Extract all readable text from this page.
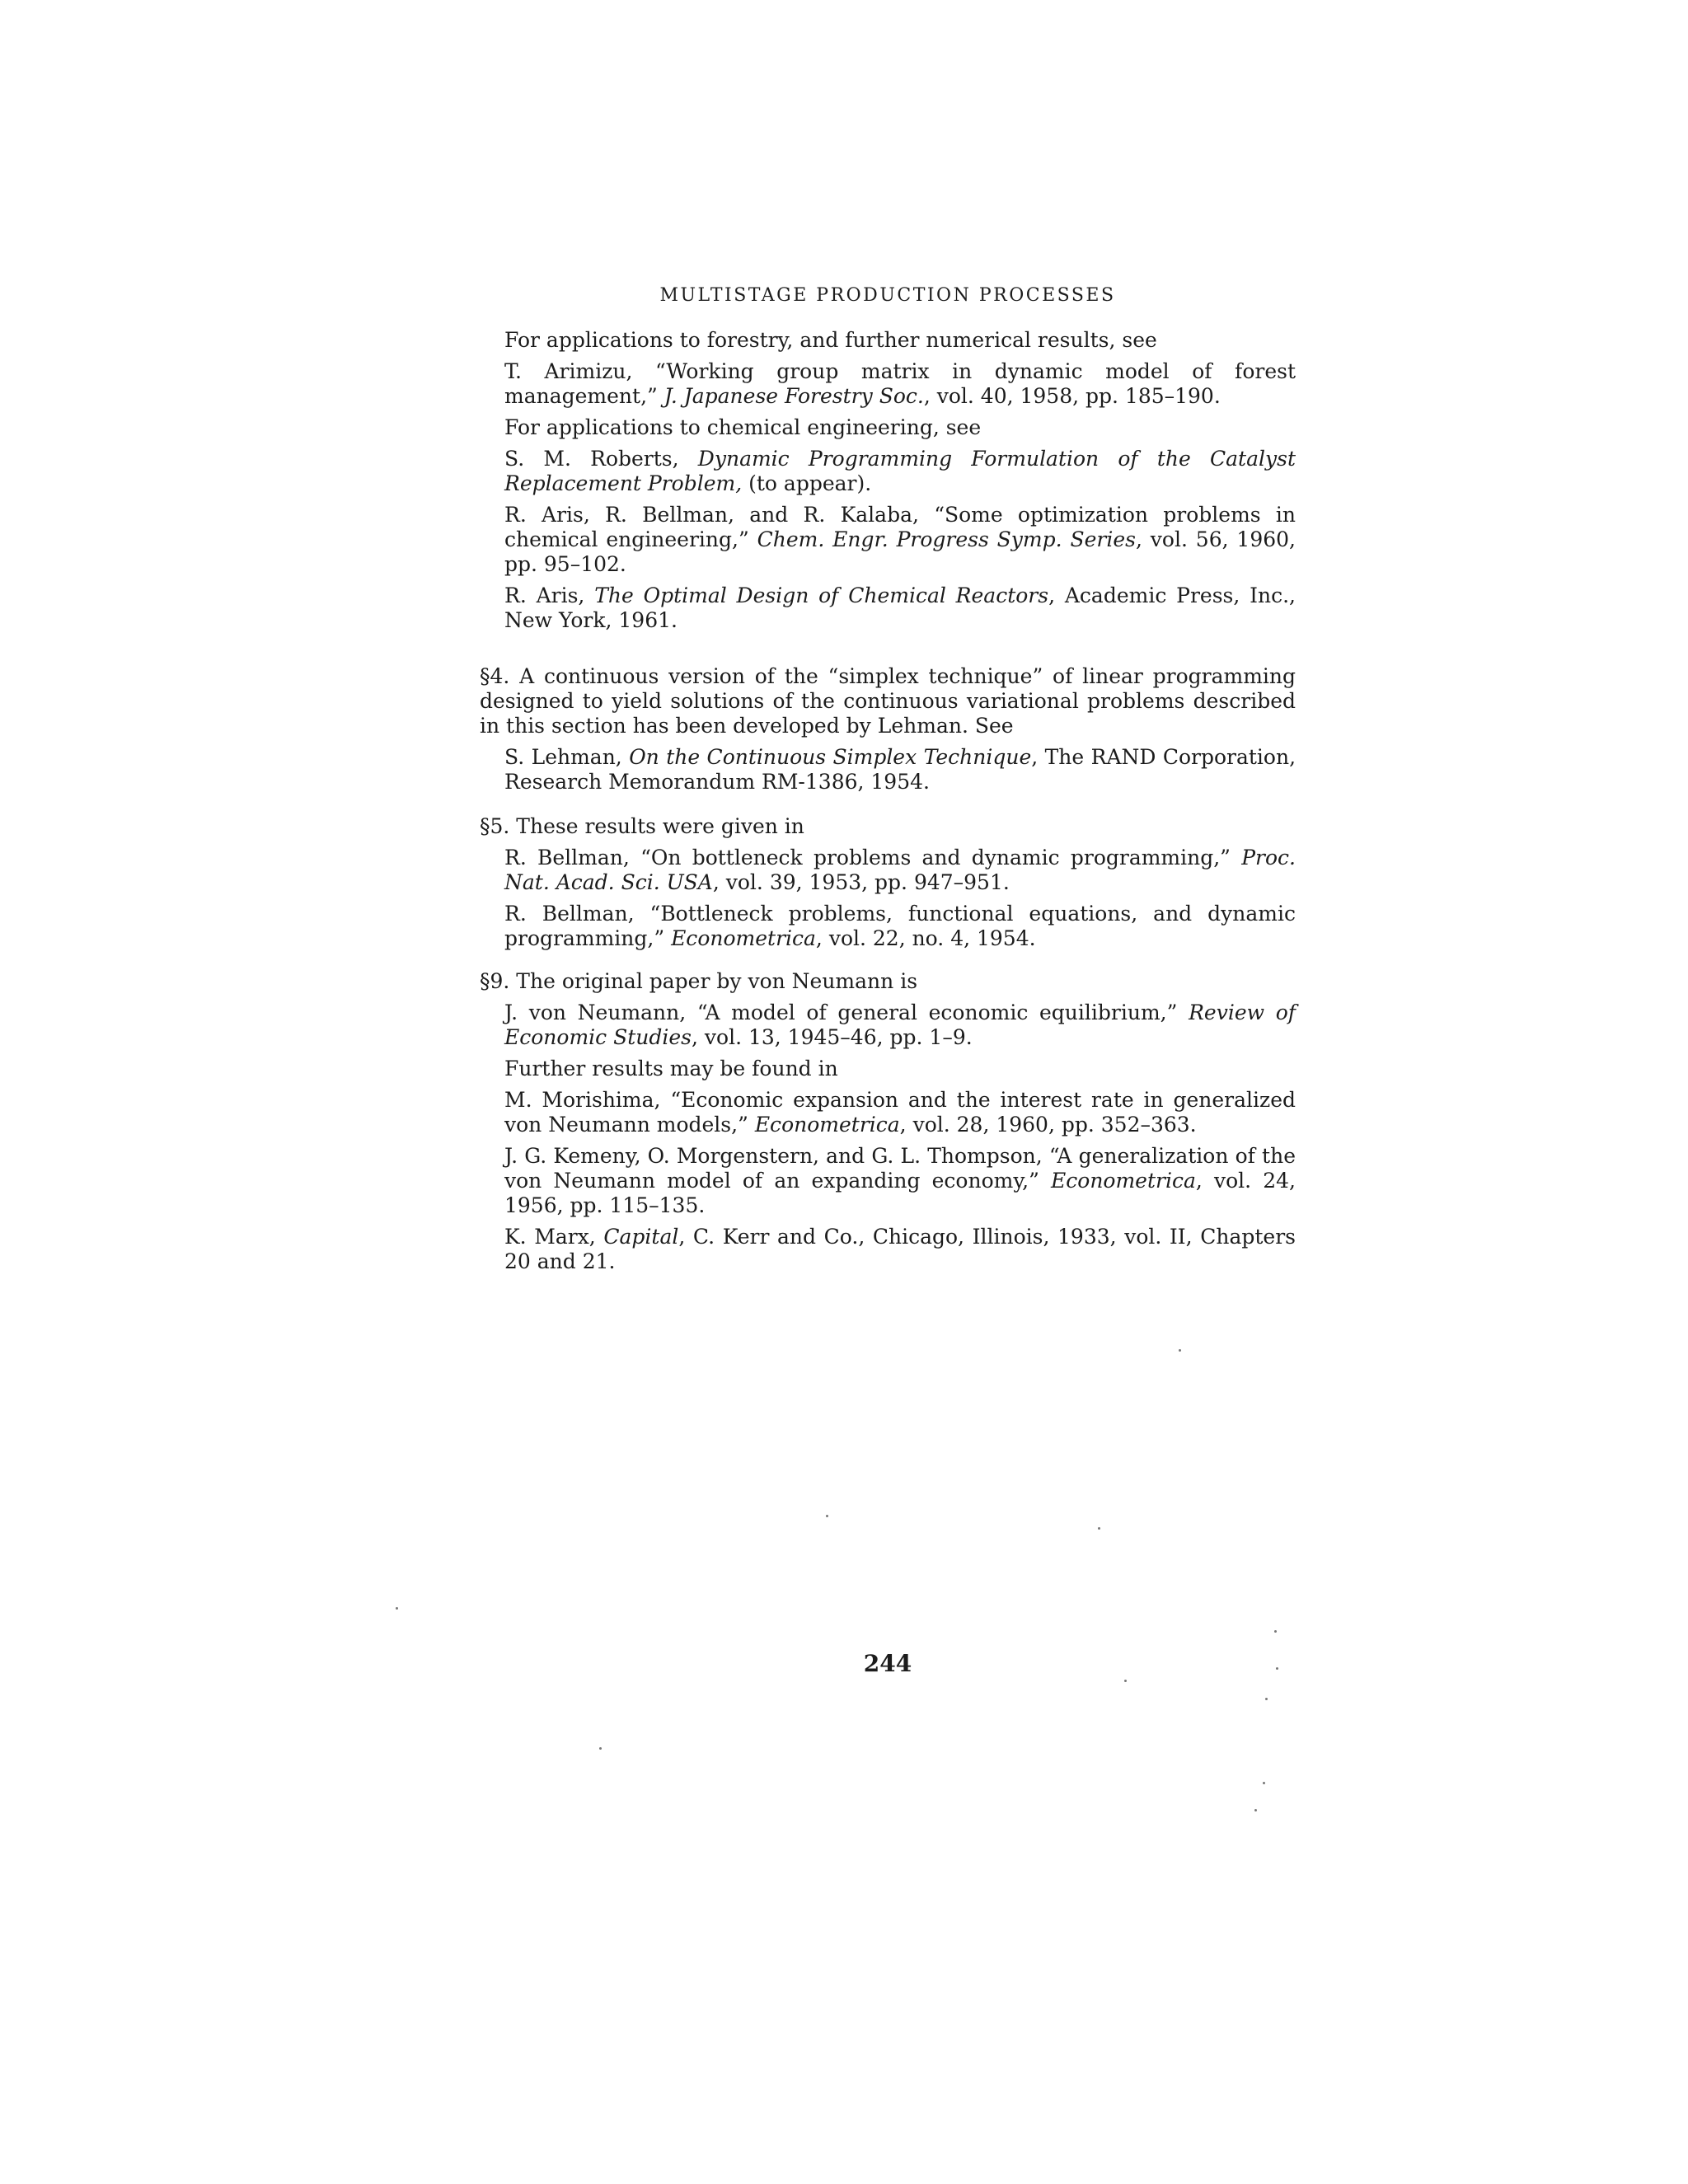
MULTISTAGE PRODUCTION PROCESSES

For applications to forestry, and further numerical results, see

T. Arimizu, “Working group matrix in dynamic model of forest management,” J. Japanese Forestry Soc., vol. 40, 1958, pp. 185–190.

For applications to chemical engineering, see

S. M. Roberts, Dynamic Programming Formulation of the Catalyst Replacement Problem, (to appear).

R. Aris, R. Bellman, and R. Kalaba, “Some optimization problems in chemical engineering,” Chem. Engr. Progress Symp. Series, vol. 56, 1960, pp. 95–102.

R. Aris, The Optimal Design of Chemical Reactors, Academic Press, Inc., New York, 1961.

§4. A continuous version of the “simplex technique” of linear programming designed to yield solutions of the continuous variational problems described in this section has been developed by Lehman. See

S. Lehman, On the Continuous Simplex Technique, The RAND Corporation, Research Memorandum RM-1386, 1954.

§5. These results were given in

R. Bellman, “On bottleneck problems and dynamic programming,” Proc. Nat. Acad. Sci. USA, vol. 39, 1953, pp. 947–951.

R. Bellman, “Bottleneck problems, functional equations, and dynamic programming,” Econometrica, vol. 22, no. 4, 1954.

§9. The original paper by von Neumann is

J. von Neumann, “A model of general economic equilibrium,” Review of Economic Studies, vol. 13, 1945–46, pp. 1–9.

Further results may be found in

M. Morishima, “Economic expansion and the interest rate in generalized von Neumann models,” Econometrica, vol. 28, 1960, pp. 352–363.

J. G. Kemeny, O. Morgenstern, and G. L. Thompson, “A generalization of the von Neumann model of an expanding economy,” Econometrica, vol. 24, 1956, pp. 115–135.

K. Marx, Capital, C. Kerr and Co., Chicago, Illinois, 1933, vol. II, Chapters 20 and 21.

244
